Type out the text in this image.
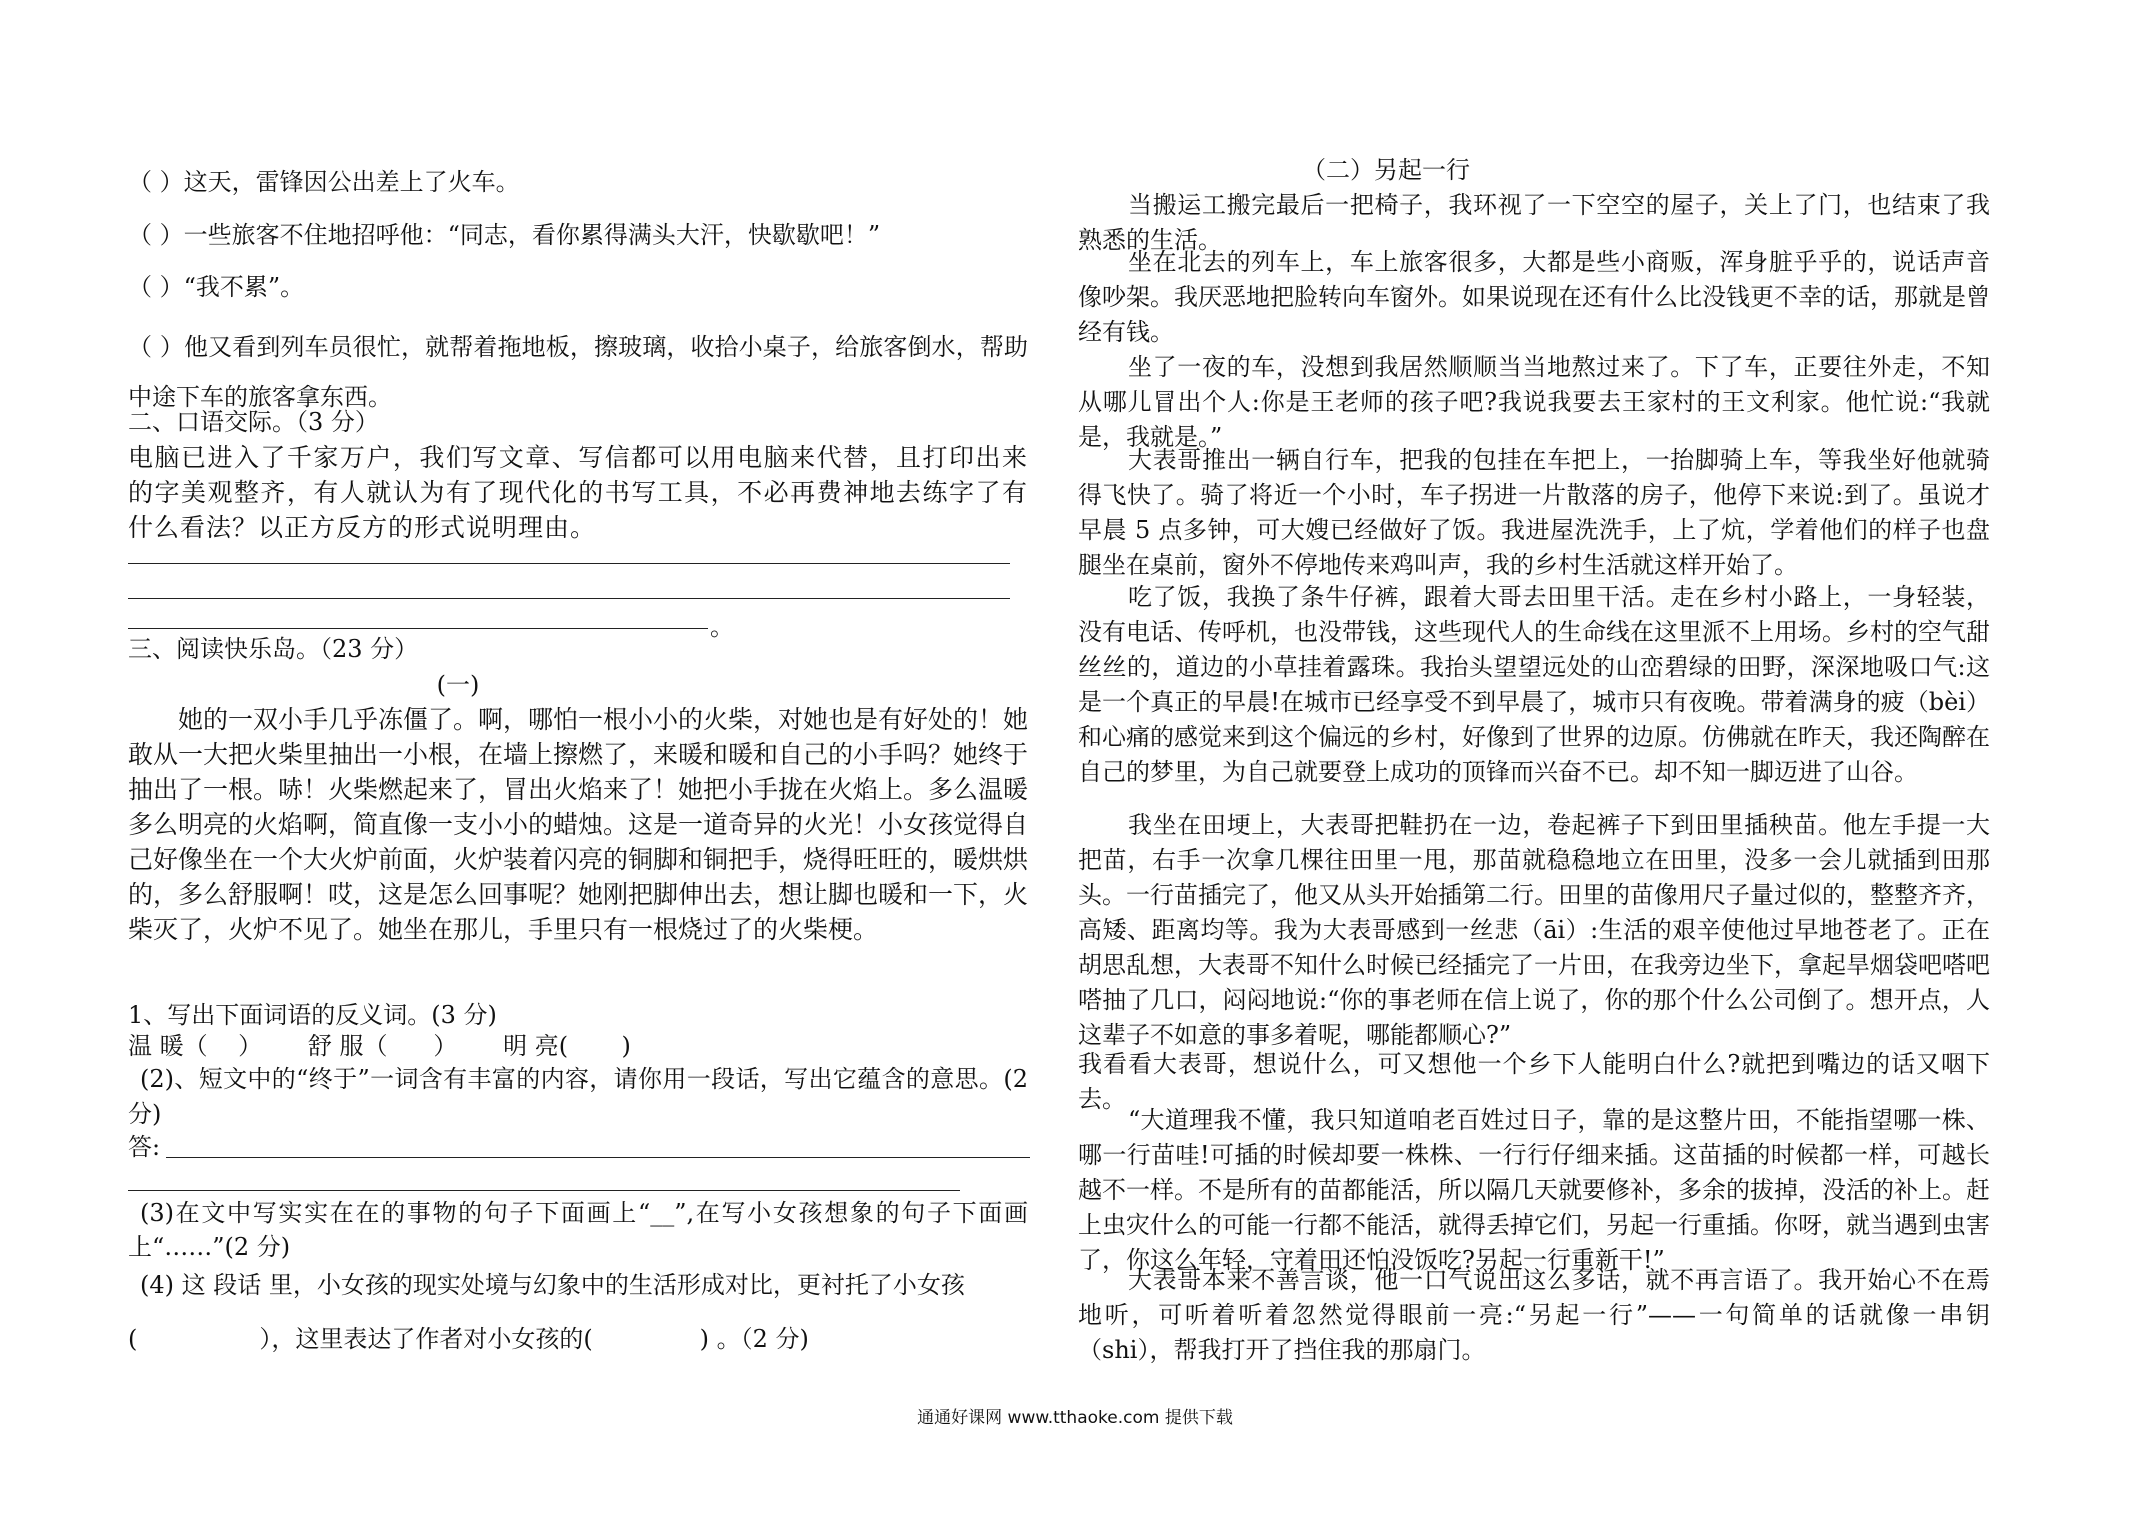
（ ）这天，雷锋因公出差上了火车。

（ ）一些旅客不住地招呼他：“同志，看你累得满头大汗，快歇歇吧！”

（ ）“我不累”。

（ ）他又看到列车员很忙，就帮着拖地板，擦玻璃，收拾小桌子，给旅客倒水，帮助中途下车的旅客拿东西。

二、口语交际。（3 分）

电脑已进入了千家万户，我们写文章、写信都可以用电脑来代替，且打印出来的字美观整齐，有人就认为有了现代化的书写工具，不必再费神地去练字了有什么看法？以正方反方的形式说明理由。

。

三、阅读快乐岛。（23 分）

(一)

她的一双小手几乎冻僵了。啊，哪怕一根小小的火柴，对她也是有好处的！她敢从一大把火柴里抽出一小根，在墙上擦燃了，来暖和暖和自己的小手吗？她终于抽出了一根。哧！火柴燃起来了，冒出火焰来了！她把小手拢在火焰上。多么温暖多么明亮的火焰啊，简直像一支小小的蜡烛。这是一道奇异的火光！小女孩觉得自己好像坐在一个大火炉前面，火炉装着闪亮的铜脚和铜把手，烧得旺旺的，暖烘烘的，多么舒服啊！哎，这是怎么回事呢？她刚把脚伸出去，想让脚也暖和一下，火柴灭了，火炉不见了。她坐在那儿，手里只有一根烧过了的火柴梗。

1、写出下面词语的反义词。(3 分)

温 暖（    ）      舒 服（      ）      明 亮(       )

(2)、短文中的“终于”一词含有丰富的内容，请你用一段话，写出它蕴含的意思。(2 分)

答:

(3)在文中写实实在在的事物的句子下面画上“__”,在写小女孩想象的句子下面画上“……”(2 分)

(4) 这 段话 里，小女孩的现实处境与幻象中的生活形成对比，更衬托了小女孩

(                ），这里表达了作者对小女孩的(              ) 。（2 分)

（二）另起一行

当搬运工搬完最后一把椅子，我环视了一下空空的屋子，关上了门，也结束了我熟悉的生活。

坐在北去的列车上，车上旅客很多，大都是些小商贩，浑身脏乎乎的，说话声音像吵架。我厌恶地把脸转向车窗外。如果说现在还有什么比没钱更不幸的话，那就是曾经有钱。

坐了一夜的车，没想到我居然顺顺当当地熬过来了。下了车，正要往外走，不知从哪儿冒出个人:你是王老师的孩子吧?我说我要去王家村的王文利家。他忙说:“我就是，我就是。”

大表哥推出一辆自行车，把我的包挂在车把上，一抬脚骑上车，等我坐好他就骑得飞快了。骑了将近一个小时，车子拐进一片散落的房子，他停下来说:到了。虽说才早晨 5 点多钟，可大嫂已经做好了饭。我进屋洗洗手，上了炕，学着他们的样子也盘腿坐在桌前，窗外不停地传来鸡叫声，我的乡村生活就这样开始了。

吃了饭，我换了条牛仔裤，跟着大哥去田里干活。走在乡村小路上，一身轻装，没有电话、传呼机，也没带钱，这些现代人的生命线在这里派不上用场。乡村的空气甜丝丝的，道边的小草挂着露珠。我抬头望望远处的山峦碧绿的田野，深深地吸口气:这是一个真正的早晨!在城市已经享受不到早晨了，城市只有夜晚。带着满身的疲（bèi）和心痛的感觉来到这个偏远的乡村，好像到了世界的边原。仿佛就在昨天，我还陶醉在自己的梦里，为自己就要登上成功的顶锋而兴奋不已。却不知一脚迈进了山谷。

我坐在田埂上，大表哥把鞋扔在一边，卷起裤子下到田里插秧苗。他左手提一大把苗，右手一次拿几棵往田里一甩，那苗就稳稳地立在田里，没多一会儿就插到田那头。一行苗插完了，他又从头开始插第二行。田里的苗像用尺子量过似的，整整齐齐，高矮、距离均等。我为大表哥感到一丝悲（āi）:生活的艰辛使他过早地苍老了。正在胡思乱想，大表哥不知什么时候已经插完了一片田，在我旁边坐下，拿起旱烟袋吧嗒吧嗒抽了几口，闷闷地说:“你的事老师在信上说了，你的那个什么公司倒了。想开点，人这辈子不如意的事多着呢，哪能都顺心?”

我看看大表哥，想说什么，可又想他一个乡下人能明白什么?就把到嘴边的话又咽下去。

“大道理我不懂，我只知道咱老百姓过日子，靠的是这整片田，不能指望哪一株、哪一行苗哇!可插的时候却要一株株、一行行仔细来插。这苗插的时候都一样，可越长越不一样。不是所有的苗都能活，所以隔几天就要修补，多余的拔掉，没活的补上。赶上虫灾什么的可能一行都不能活，就得丢掉它们，另起一行重插。你呀，就当遇到虫害了，你这么年轻，守着田还怕没饭吃?另起一行重新干!”

大表哥本来不善言谈，他一口气说出这么多话，就不再言语了。我开始心不在焉地听，可听着听着忽然觉得眼前一亮:“另起一行”——一句简单的话就像一串钥（shi），帮我打开了挡住我的那扇门。

通通好课网 www.tthaoke.com 提供下载
